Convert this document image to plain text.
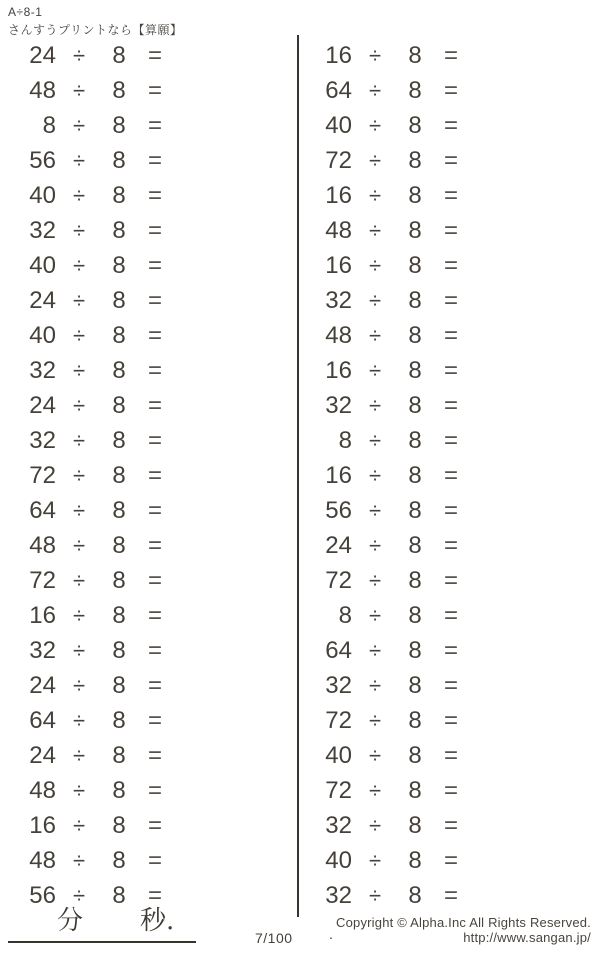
A÷8-1
さんすうプリントなら【算願】
24 ÷	8 =
48 ÷	8 =
8 ÷	8 =
56 ÷	8 =
40 ÷	8 =
32 ÷	8 =
40 ÷	8 =
24 ÷	8 =
40 ÷	8 =
32 ÷	8 =
24 ÷	8 =
32 ÷	8 =
72 ÷	8 =
64 ÷	8 =
48 ÷	8 =
72 ÷	8 =
16 ÷	8 =
32 ÷	8 =
24 ÷	8 =
64 ÷	8 =
24 ÷	8 =
48 ÷	8 =
16 ÷	8 =
48 ÷	8 =
56 ÷	8 =
16 ÷	8 =
64 ÷	8 =
40 ÷	8 =
72 ÷	8 =
16 ÷	8 =
48 ÷	8 =
16 ÷	8 =
32 ÷	8 =
48 ÷	8 =
16 ÷	8 =
32 ÷	8 =
8 ÷	8 =
16 ÷	8 =
56 ÷	8 =
24 ÷	8 =
72 ÷	8 =
8 ÷	8 =
64 ÷	8 =
32 ÷	8 =
72 ÷	8 =
40 ÷	8 =
72 ÷	8 =
32 ÷	8 =
40 ÷	8 =
32 ÷	8 =
分 秒.
7/100	.
Copyright © Alpha.Inc All Rights Reserved.
http://www.sangan.jp/
